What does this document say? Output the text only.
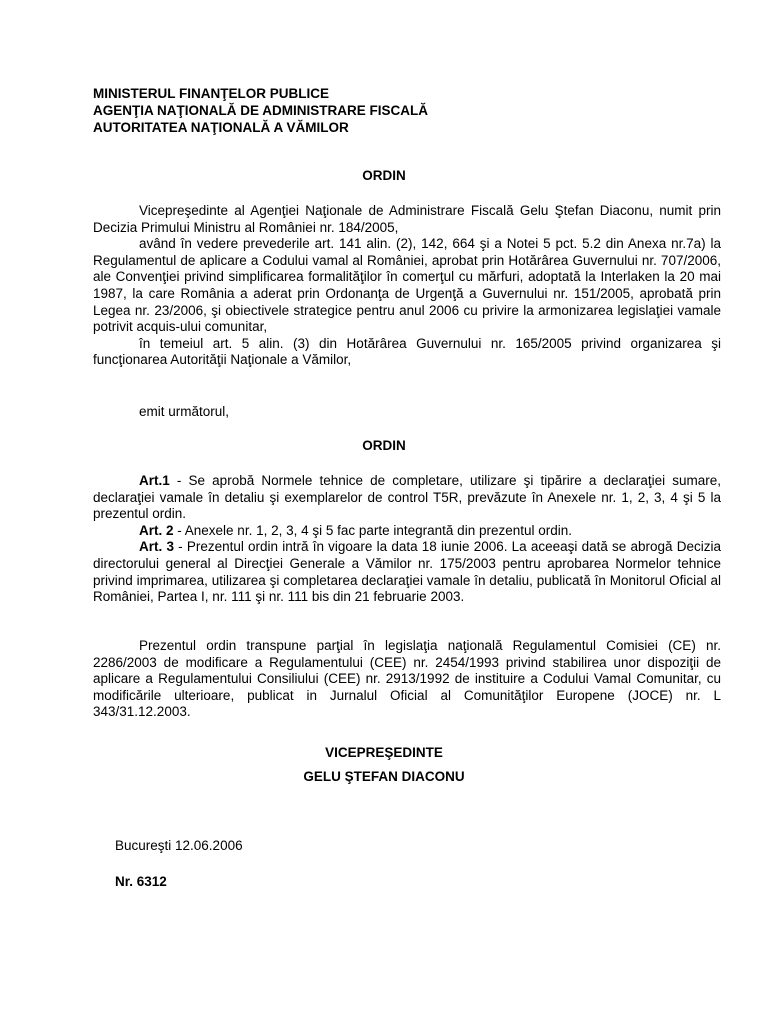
MINISTERUL FINANŢELOR PUBLICE
AGENŢIA NAŢIONALĂ DE ADMINISTRARE FISCALĂ
AUTORITATEA NAŢIONALĂ A VĂMILOR
ORDIN

Vicepreşedinte al Agenţiei Naţionale de Administrare Fiscală Gelu Ştefan Diaconu, numit prin Decizia Primului Ministru al României nr. 184/2005,

având în vedere prevederile art. 141 alin. (2), 142, 664 şi a Notei 5 pct. 5.2 din Anexa nr.7a) la Regulamentul de aplicare a Codului vamal al României, aprobat prin Hotărârea Guvernului nr. 707/2006, ale Convenţiei privind simplificarea formalităţilor în comerţul cu mărfuri, adoptată la Interlaken la 20 mai 1987, la care România a aderat prin Ordonanţa de Urgenţă a Guvernului nr. 151/2005, aprobată prin Legea nr. 23/2006, şi obiectivele strategice pentru anul 2006 cu privire la armonizarea legislaţiei vamale potrivit acquis-ului comunitar,

în temeiul art. 5 alin. (3) din Hotărârea Guvernului nr. 165/2005 privind organizarea şi funcţionarea Autorităţii Naţionale a Vămilor,

emit următorul,

ORDIN

Art.1 - Se aprobă Normele tehnice de completare, utilizare şi tipărire a declaraţiei sumare, declaraţiei vamale în detaliu şi exemplarelor de control T5R, prevăzute în Anexele nr. 1, 2, 3, 4 şi 5 la prezentul ordin.

Art. 2 - Anexele nr. 1, 2, 3, 4 şi 5 fac parte integrantă din prezentul ordin.

Art. 3 - Prezentul ordin intră în vigoare la data 18 iunie 2006. La aceeaşi dată se abrogă Decizia directorului general al Direcţiei Generale a Vămilor nr. 175/2003 pentru aprobarea Normelor tehnice privind imprimarea, utilizarea şi completarea declaraţiei vamale în detaliu, publicată în Monitorul Oficial al României, Partea I, nr. 111 şi nr. 111 bis din 21 februarie 2003.

Prezentul ordin transpune parţial în legislaţia naţională Regulamentul Comisiei (CE) nr. 2286/2003 de modificare a Regulamentului (CEE) nr. 2454/1993 privind stabilirea unor dispoziţii de aplicare a Regulamentului Consiliului (CEE) nr. 2913/1992 de instituire a Codului Vamal Comunitar, cu modificările ulterioare, publicat in Jurnalul Oficial al Comunităţilor Europene (JOCE) nr. L 343/31.12.2003.

VICEPREŞEDINTE
GELU ŞTEFAN DIACONU
Bucureşti 12.06.2006
Nr. 6312
